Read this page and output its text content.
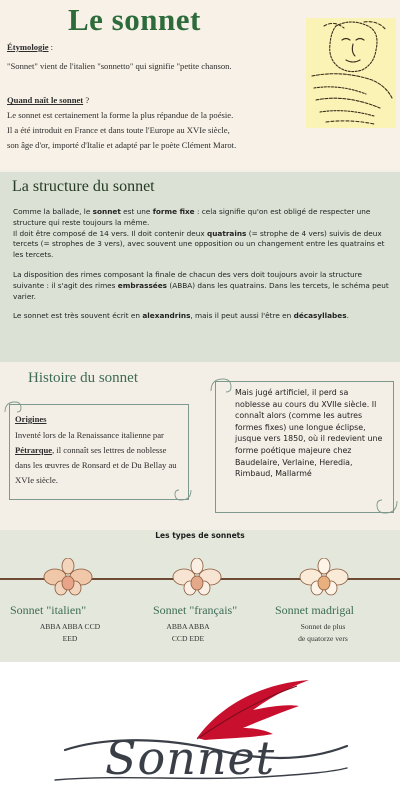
Le sonnet
Étymologie :
"Sonnet" vient de l'italien "sonnetto" qui signifie "petite chanson.
Quand naît le sonnet ?
Le sonnet est certainement la forme la plus répandue de la poésie.
Il a été introduit en France et dans toute l'Europe au XVIe siècle,
son âge d'or, importé d'Italie et adapté par le poète Clément Marot.
La structure du sonnet

Comme la ballade, le sonnet est une forme fixe : cela signifie qu'on est obligé de respecter une structure qui reste toujours la même.
Il doit être composé de 14 vers. Il doit contenir deux quatrains (= strophe de 4 vers) suivis de deux tercets (= strophes de 3 vers), avec souvent une opposition ou un changement entre les quatrains et les tercets.

La disposition des rimes composant la finale de chacun des vers doit toujours avoir la structure suivante : il s'agit des rimes embrassées (ABBA) dans les quatrains. Dans les tercets, le schéma peut varier.

Le sonnet est très souvent écrit en alexandrins, mais il peut aussi l'être en décasyllabes.

Histoire du sonnet
Origines
Inventé lors de la Renaissance italienne par Pétrarque, il connaît ses lettres de noblesse dans les œuvres de Ronsard et de Du Bellay au XVIe siècle.
Mais jugé artificiel, il perd sa noblesse au cours du XVIIe siècle. Il connaît alors (comme les autres formes fixes) une longue éclipse, jusque vers 1850, où il redevient une forme poétique majeure chez Baudelaire, Verlaine, Heredia, Rimbaud, Mallarmé
Les types de sonnets
Sonnet "italien"
ABBA ABBA CCD
EED
Sonnet "français"
ABBA ABBA
CCD EDE
Sonnet madrigal
Sonnet de plus
de quatorze vers
Sonnet
